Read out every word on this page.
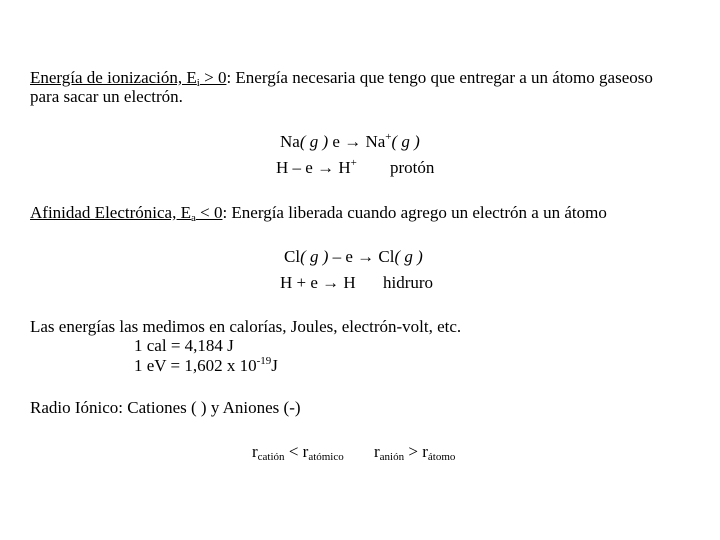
Energía de ionización, $E_i > 0$: Energía necesaria que tengo que entregar a un átomo gaseoso
para sacar un electrón.
Na( g ) e → Na+( g )
H – e → H+ protón
Afinidad Electrónica, $E_a < 0$: Energía liberada cuando agrego un electrón a un átomo
Cl( g ) – e → Cl( g )
H + e → H hidruro
Las energías las medimos en calorías, Joules, electrón-volt, etc.
1 cal = 4,184 J
1 eV = 1,602 x $10^{-19}J$
Radio Iónico: Cationes ( ) y Aniones (-)
$r_{catión} < r_{atómico}$ $r_{anión} > r_{átomo}$
